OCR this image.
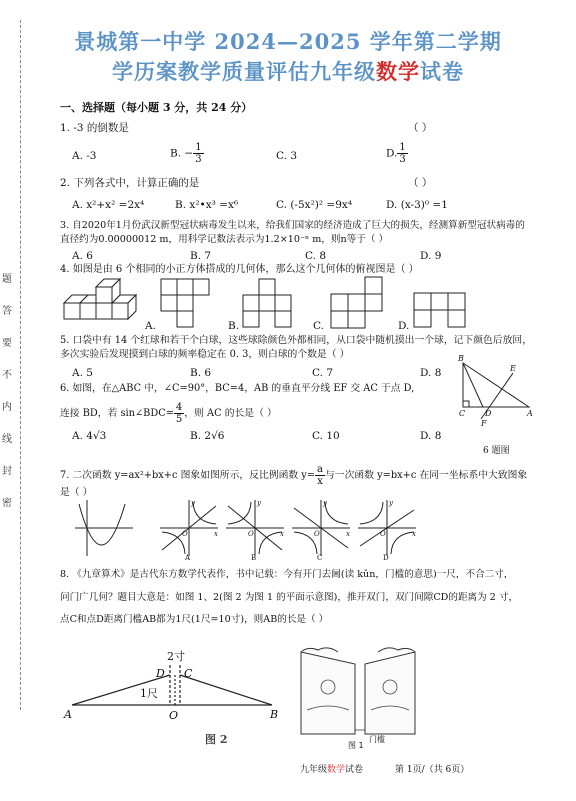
题
答
要
不
内
线
封
密
景城第一中学 2024—2025 学年第二学期
学历案教学质量评估九年级数学试卷
一、选择题（每小题 3 分，共 24 分）
1. -3 的倒数是	（ ）
A. -3	B. − $\frac{1}{3}$	C. 3	D. $\frac{1}{3}$
2. 下列各式中，计算正确的是	（ ）
A. x²+x² =2x⁴	B. x²•x³ =x⁶	C. (-5x²)² =9x⁴	D. (x-3)⁰ =1
3. 自2020年1月份武汉新型冠状病毒发生以来，给我们国家的经济造成了巨大的损失，经测算新型冠状病毒的
直径约为0.00000012 m，用科学记数法表示为1.2×10⁻ⁿ m，则n等于（ ）
A. 6	B. 7	C. 8	D. 9
4. 如图是由 6 个相同的小正方体搭成的几何体，那么这个几何体的俯视图是（ ）
A.	B.	C.	D.
5. 口袋中有 14 个红球和若干个白球，这些球除颜色外都相同，从口袋中随机摸出一个球，记下颜色后放回，
多次实验后发现摸到白球的频率稳定在 0. 3，则白球的个数是（ ）
A. 5	B. 6	C. 7	D. 8
6. 如图，在△ABC 中，∠C=90°，BC=4，AB 的垂直平分线 EF 交 AC 于点 D,
连接 BD，若 sin∠BDC= $\frac{4}{5}$ ，则 AC 的长是（ ）
A. 4√3	B. 2√6	C. 10	D. 8
B
E
C D
F
A
6 题图
7. 二次函数 y=ax²+bx+c 图象如图所示，反比例函数 $y= \frac{a}{x}$ 与一次函数 y=bx+c 在同一坐标系中大致图象
是（ ）
y
x
O
A
y
x
O
B
y
x
O
C
y
x
O
D
8. 《九章算术》是古代东方数学代表作，书中记载：今有开门去阃(读 kǔn，门槛的意思)一尺，不合二寸，
问门广几何？题目大意是：如图 1、2(图 2 为图 1 的平面示意图)，推开双门，双门间隙CD的距离为 2 寸，
点C和点D距离门槛AB都为1尺(1尺=10寸)，则AB的长是（ ）
2寸
D C
1尺
A	O	B
图 2	门槛
图 1
九年级数学试卷	第 1页/（共 6页）
